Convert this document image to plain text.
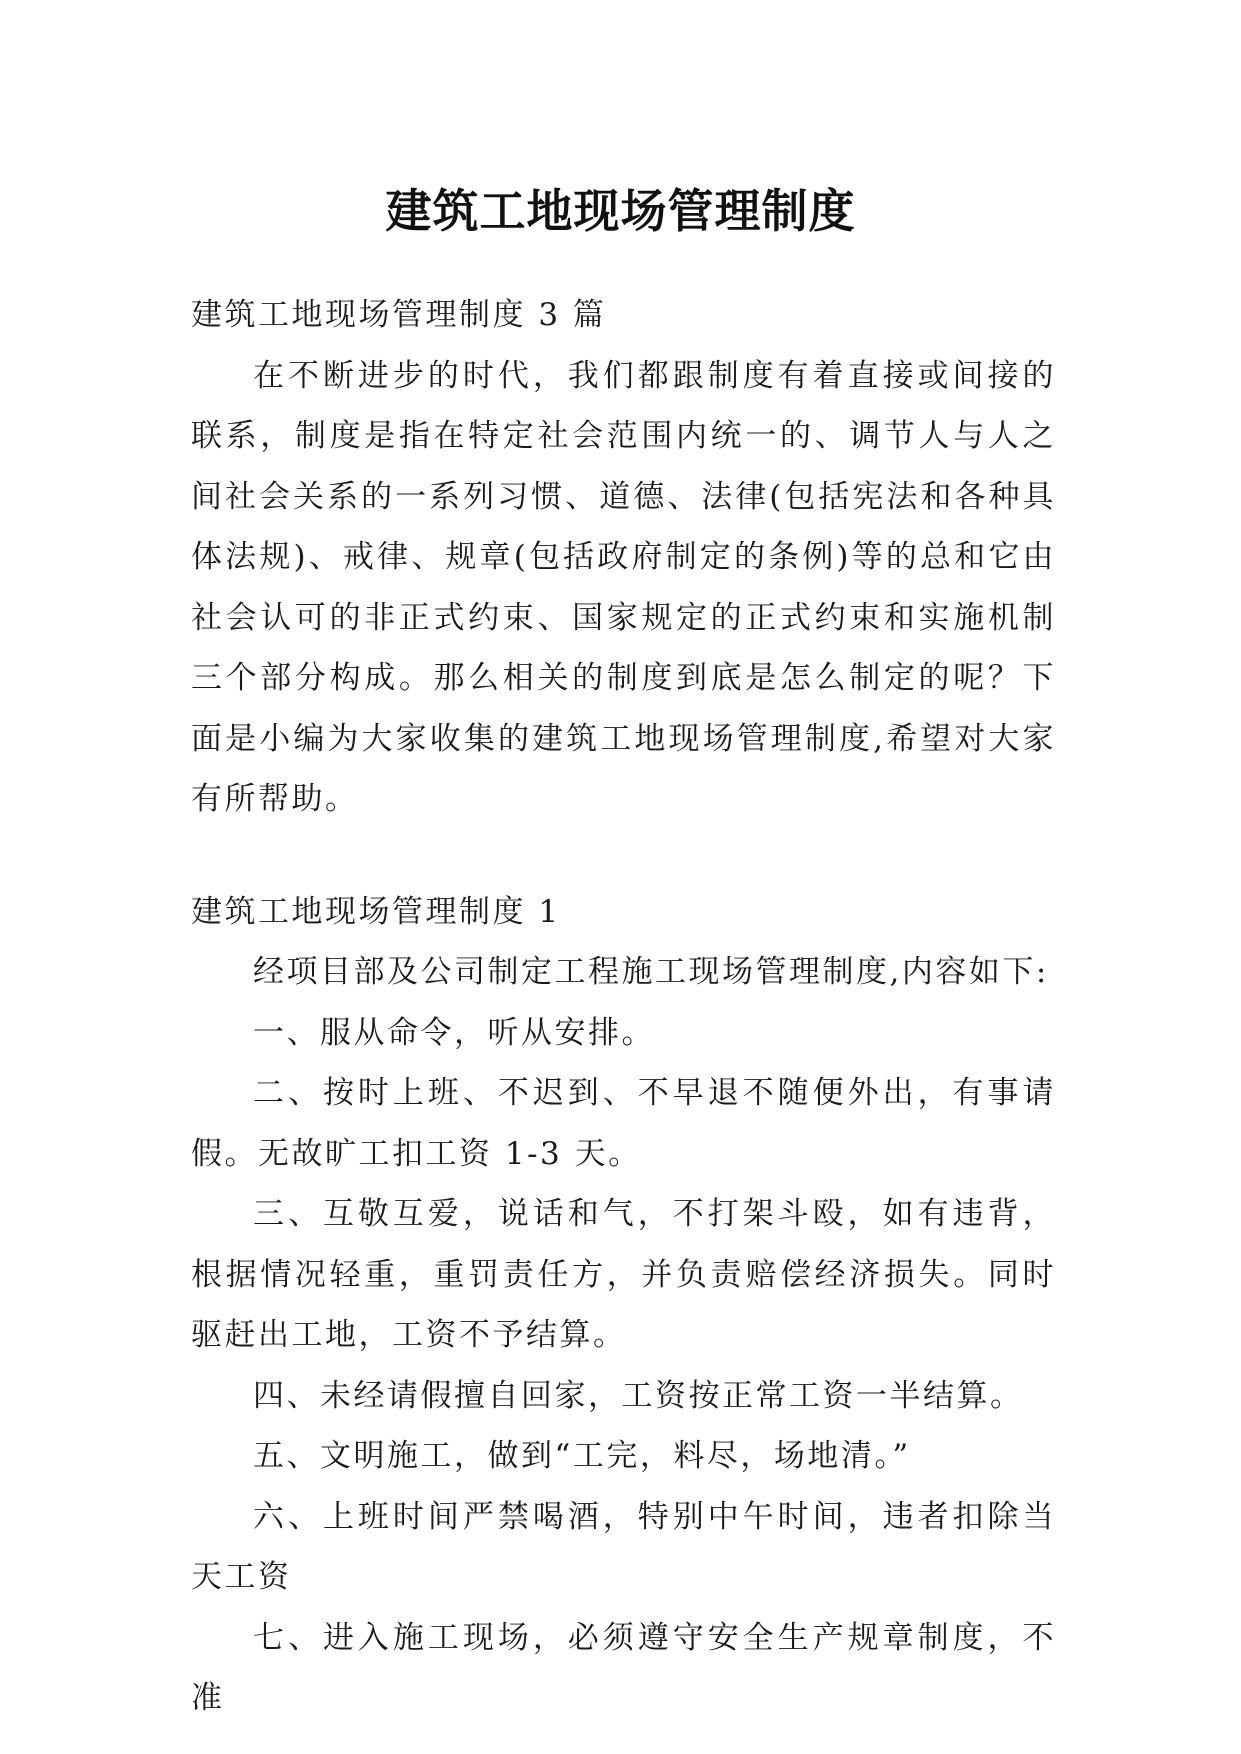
建筑工地现场管理制度

建筑工地现场管理制度 3 篇

在不断进步的时代，我们都跟制度有着直接或间接的联系，制度是指在特定社会范围内统一的、调节人与人之间社会关系的一系列习惯、道德、法律(包括宪法和各种具体法规)、戒律、规章(包括政府制定的条例)等的总和它由社会认可的非正式约束、国家规定的正式约束和实施机制三个部分构成。那么相关的制度到底是怎么制定的呢？下面是小编为大家收集的建筑工地现场管理制度,希望对大家有所帮助。

建筑工地现场管理制度 1

经项目部及公司制定工程施工现场管理制度,内容如下:

一、服从命令，听从安排。

二、按时上班、不迟到、不早退不随便外出，有事请假。无故旷工扣工资 1-3 天。

三、互敬互爱，说话和气，不打架斗殴，如有违背，根据情况轻重，重罚责任方，并负责赔偿经济损失。同时驱赶出工地，工资不予结算。

四、未经请假擅自回家，工资按正常工资一半结算。

五、文明施工，做到“工完，料尽，场地清。”

六、上班时间严禁喝酒，特别中午时间，违者扣除当天工资

七、进入施工现场，必须遵守安全生产规章制度，不准
